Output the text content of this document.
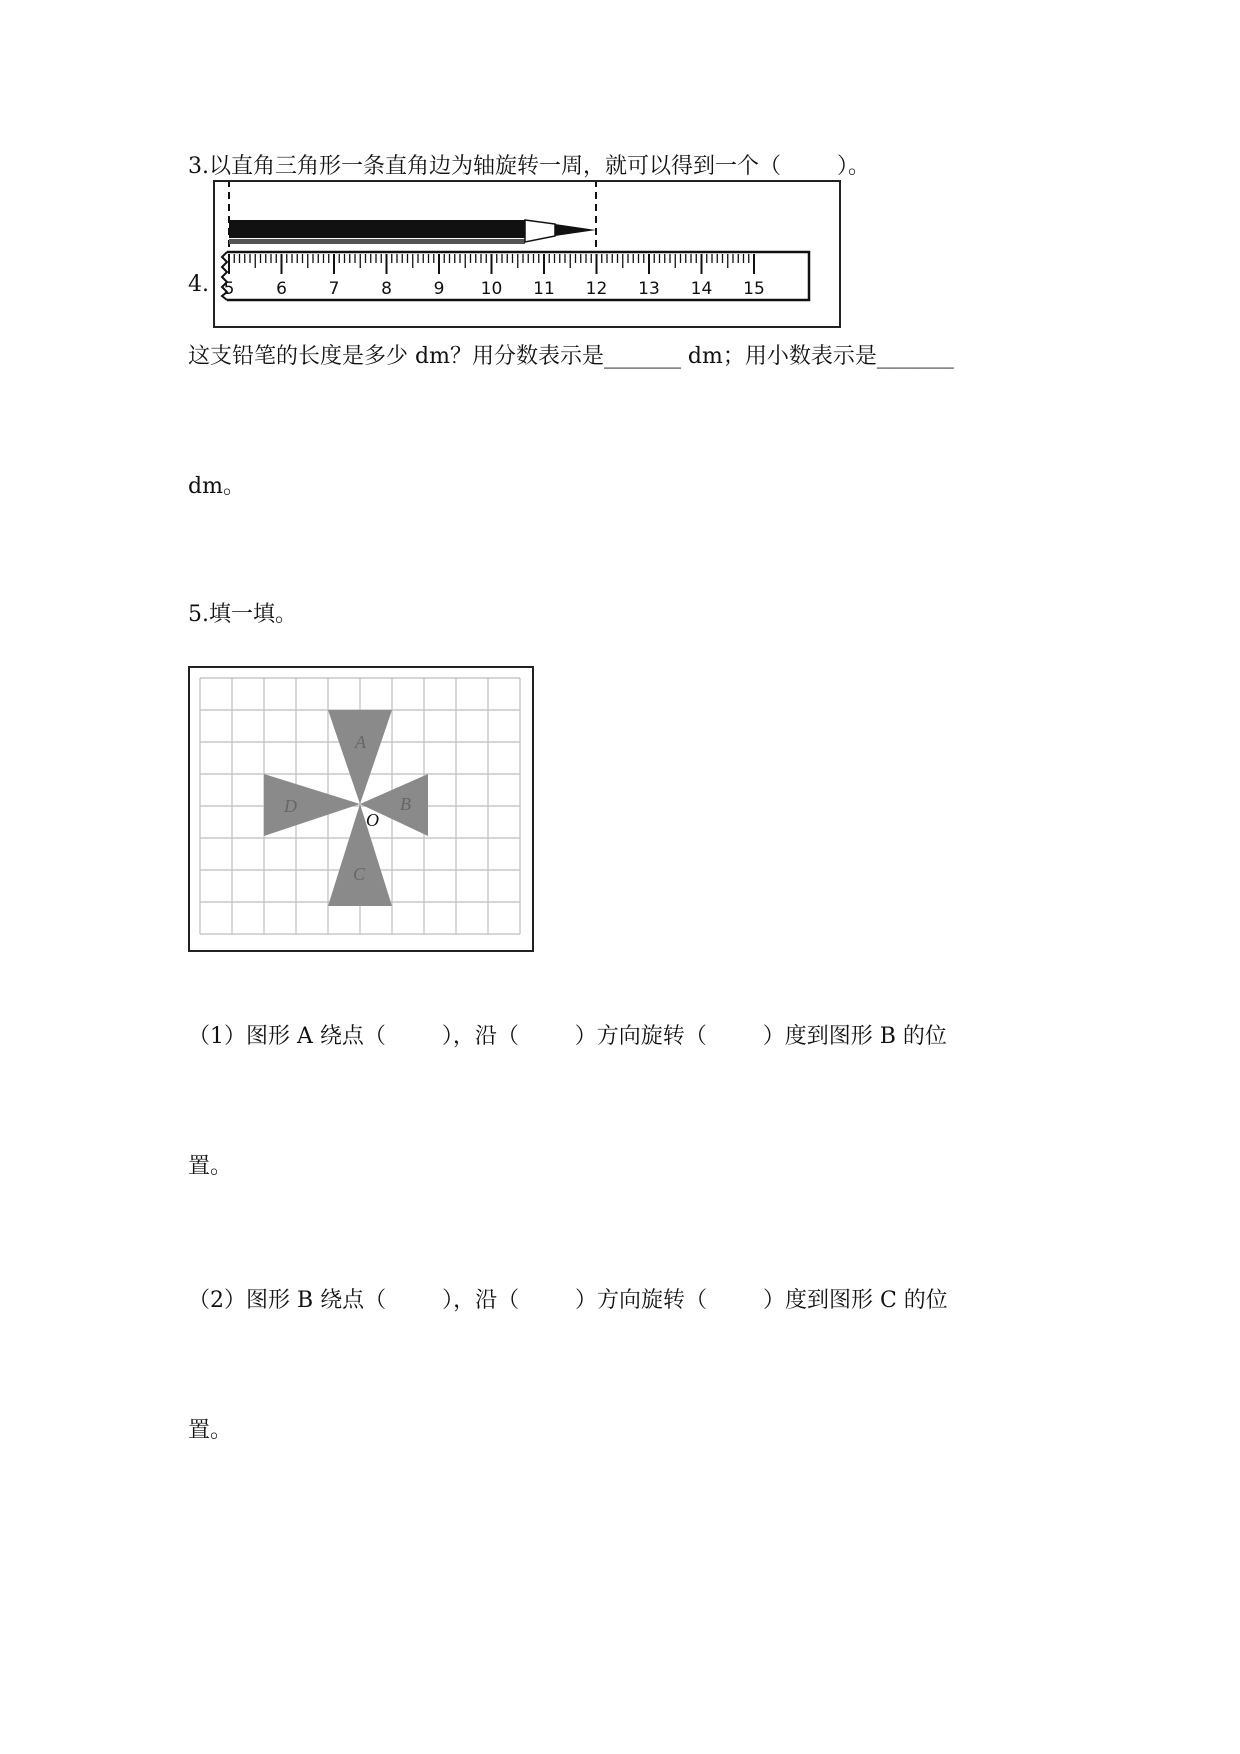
3.以直角三角形一条直角边为轴旋转一周，就可以得到一个（        ）。
4. 5 6 7 8 9 10 11 12 13 14 15
这支铅笔的长度是多少 dm？用分数表示是_______ dm；用小数表示是_______
dm。
5.填一填。
A
B
C
D
O
（1）图形 A 绕点（        ），沿（        ）方向旋转（        ）度到图形 B 的位
置。
（2）图形 B 绕点（        ），沿（        ）方向旋转（        ）度到图形 C 的位
置。
